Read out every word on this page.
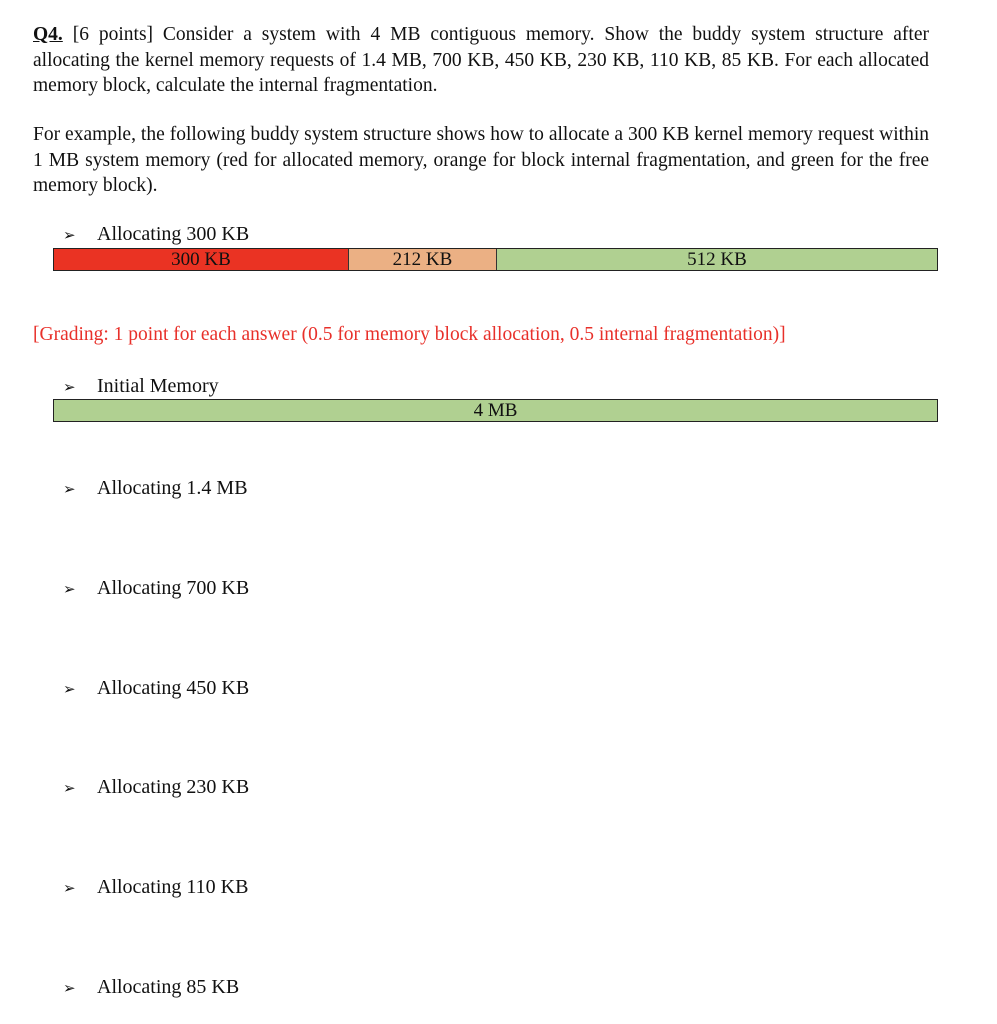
Q4. [6 points] Consider a system with 4 MB contiguous memory. Show the buddy system structure after allocating the kernel memory requests of 1.4 MB, 700 KB, 450 KB, 230 KB, 110 KB, 85 KB. For each allocated memory block, calculate the internal fragmentation.
For example, the following buddy system structure shows how to allocate a 300 KB kernel memory request within 1 MB system memory (red for allocated memory, orange for block internal fragmentation, and green for the free memory block).
➢ Allocating 300 KB
300 KB	212 KB	512 KB
[Grading: 1 point for each answer (0.5 for memory block allocation, 0.5 internal fragmentation)]
➢ Initial Memory
4 MB
➢ Allocating 1.4 MB
➢ Allocating 700 KB
➢ Allocating 450 KB
➢ Allocating 230 KB
➢ Allocating 110 KB
➢ Allocating 85 KB
